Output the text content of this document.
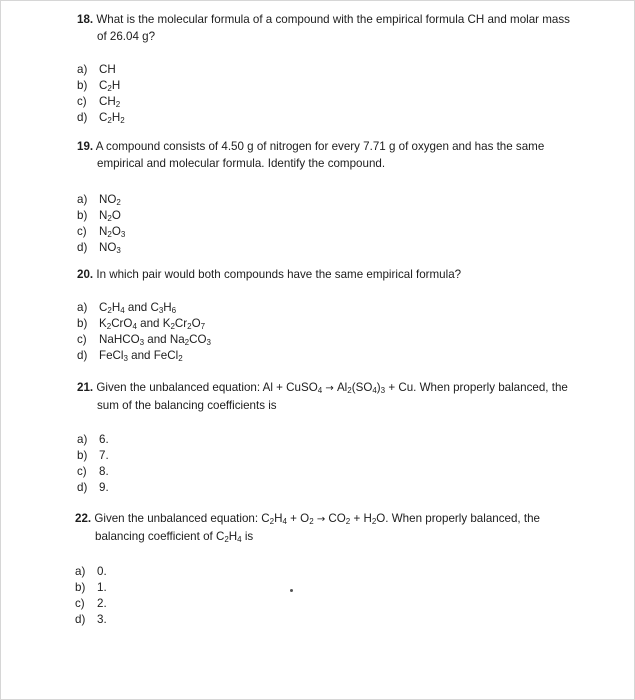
18. What is the molecular formula of a compound with the empirical formula CH and molar mass of 26.04 g?

a) CH
b) $C_2H$
c) $CH_2$
d) $C_2H_2$

19. A compound consists of 4.50 g of nitrogen for every 7.71 g of oxygen and has the same empirical and molecular formula. Identify the compound.

a) $NO_2$
b) $N_2O$
c) $N_2O_3$
d) $NO_3$

20. In which pair would both compounds have the same empirical formula?

a) $C_2H_4$ and $C_3H_6$
b) $K_2CrO_4$ and $K_2Cr_2O_7$
c) NaHCO$_3$ and $Na_2CO_3$
d) FeCl$_3$ and FeCl$_2$

21. Given the unbalanced equation: Al + CuSO$_4$ → $Al_2(SO_4)_3 + Cu$. When properly balanced, the sum of the balancing coefficients is

a) 6.
b) 7.
c) 8.
d) 9.

22. Given the unbalanced equation: $C_2H_4 + O_2 \to CO_2 + H_2O$. When properly balanced, the balancing coefficient of $C_2H_4$ is

a) 0.
b) 1.
c) 2.
d) 3.
